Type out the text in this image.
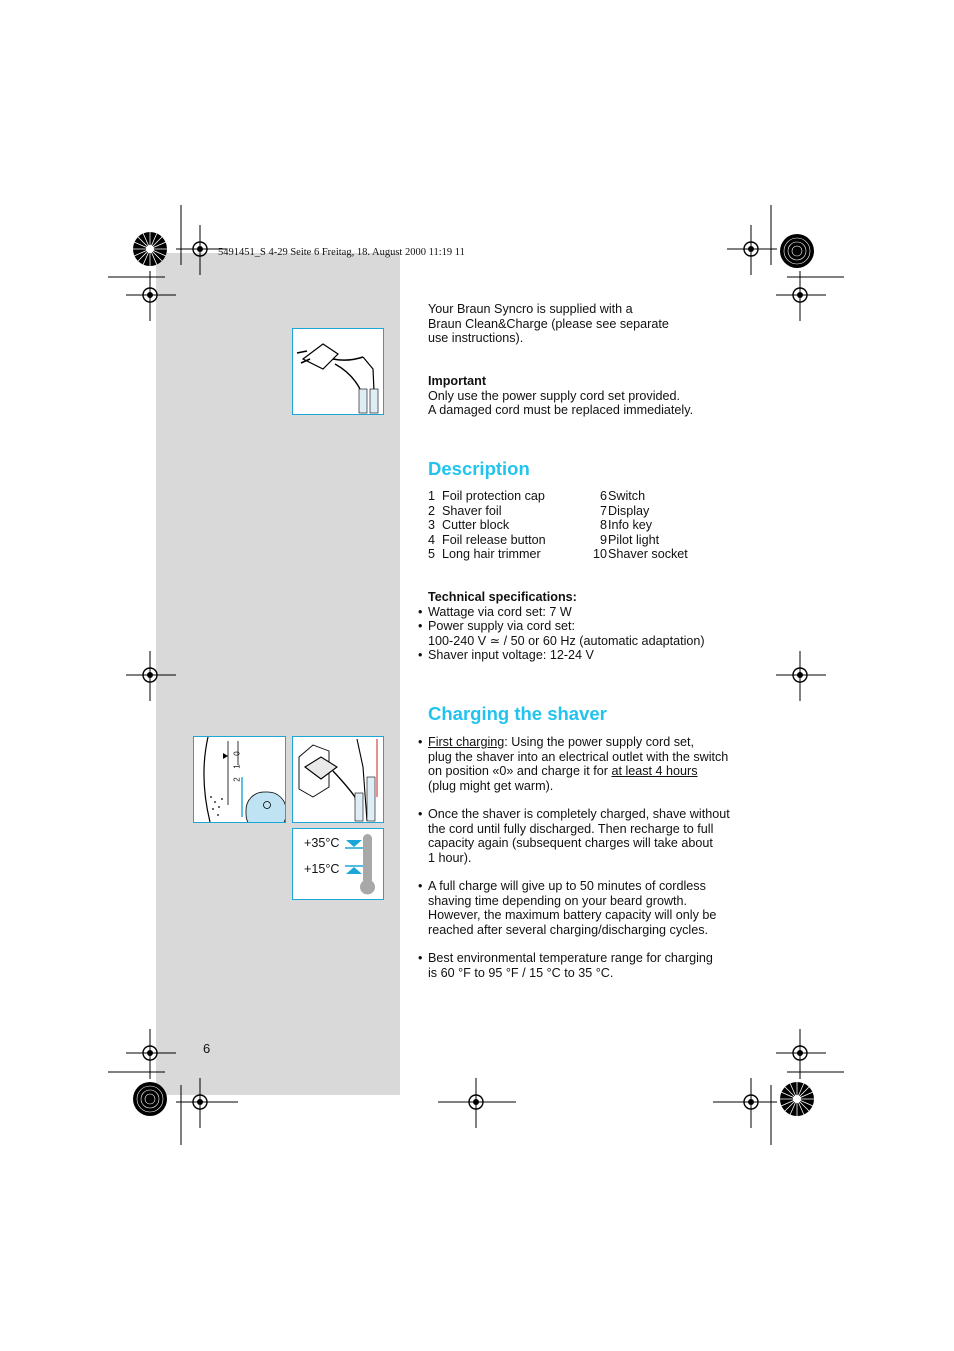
5491451_S 4-29 Seite 6 Freitag, 18. August 2000 11:19 11
0
1
2
+35°C
+15°C
Your Braun Syncro is supplied with a
Braun Clean&Charge (please see separate
use instructions).
Important
Only use the power supply cord set provided.
A damaged cord must be replaced immediately.
Description
1 Foil protection cap	6 Switch
2 Shaver foil	7 Display
3 Cutter block	8 Info key
4 Foil release button	9 Pilot light
5 Long hair trimmer	10 Shaver socket
Technical specifications:
• Wattage via cord set: 7 W
• Power supply via cord set:
100-240 V ≃ / 50 or 60 Hz (automatic adaptation)
• Shaver input voltage: 12-24 V
Charging the shaver
• First charging: Using the power supply cord set,
plug the shaver into an electrical outlet with the switch
on position «0» and charge it for at least 4 hours
(plug might get warm).
• Once the shaver is completely charged, shave without
the cord until fully discharged. Then recharge to full
capacity again (subsequent charges will take about
1 hour).
• A full charge will give up to 50 minutes of cordless
shaving time depending on your beard growth.
However, the maximum battery capacity will only be
reached after several charging/discharging cycles.
• Best environmental temperature range for charging
is 60 °F to 95 °F / 15 °C to 35 °C.
6
